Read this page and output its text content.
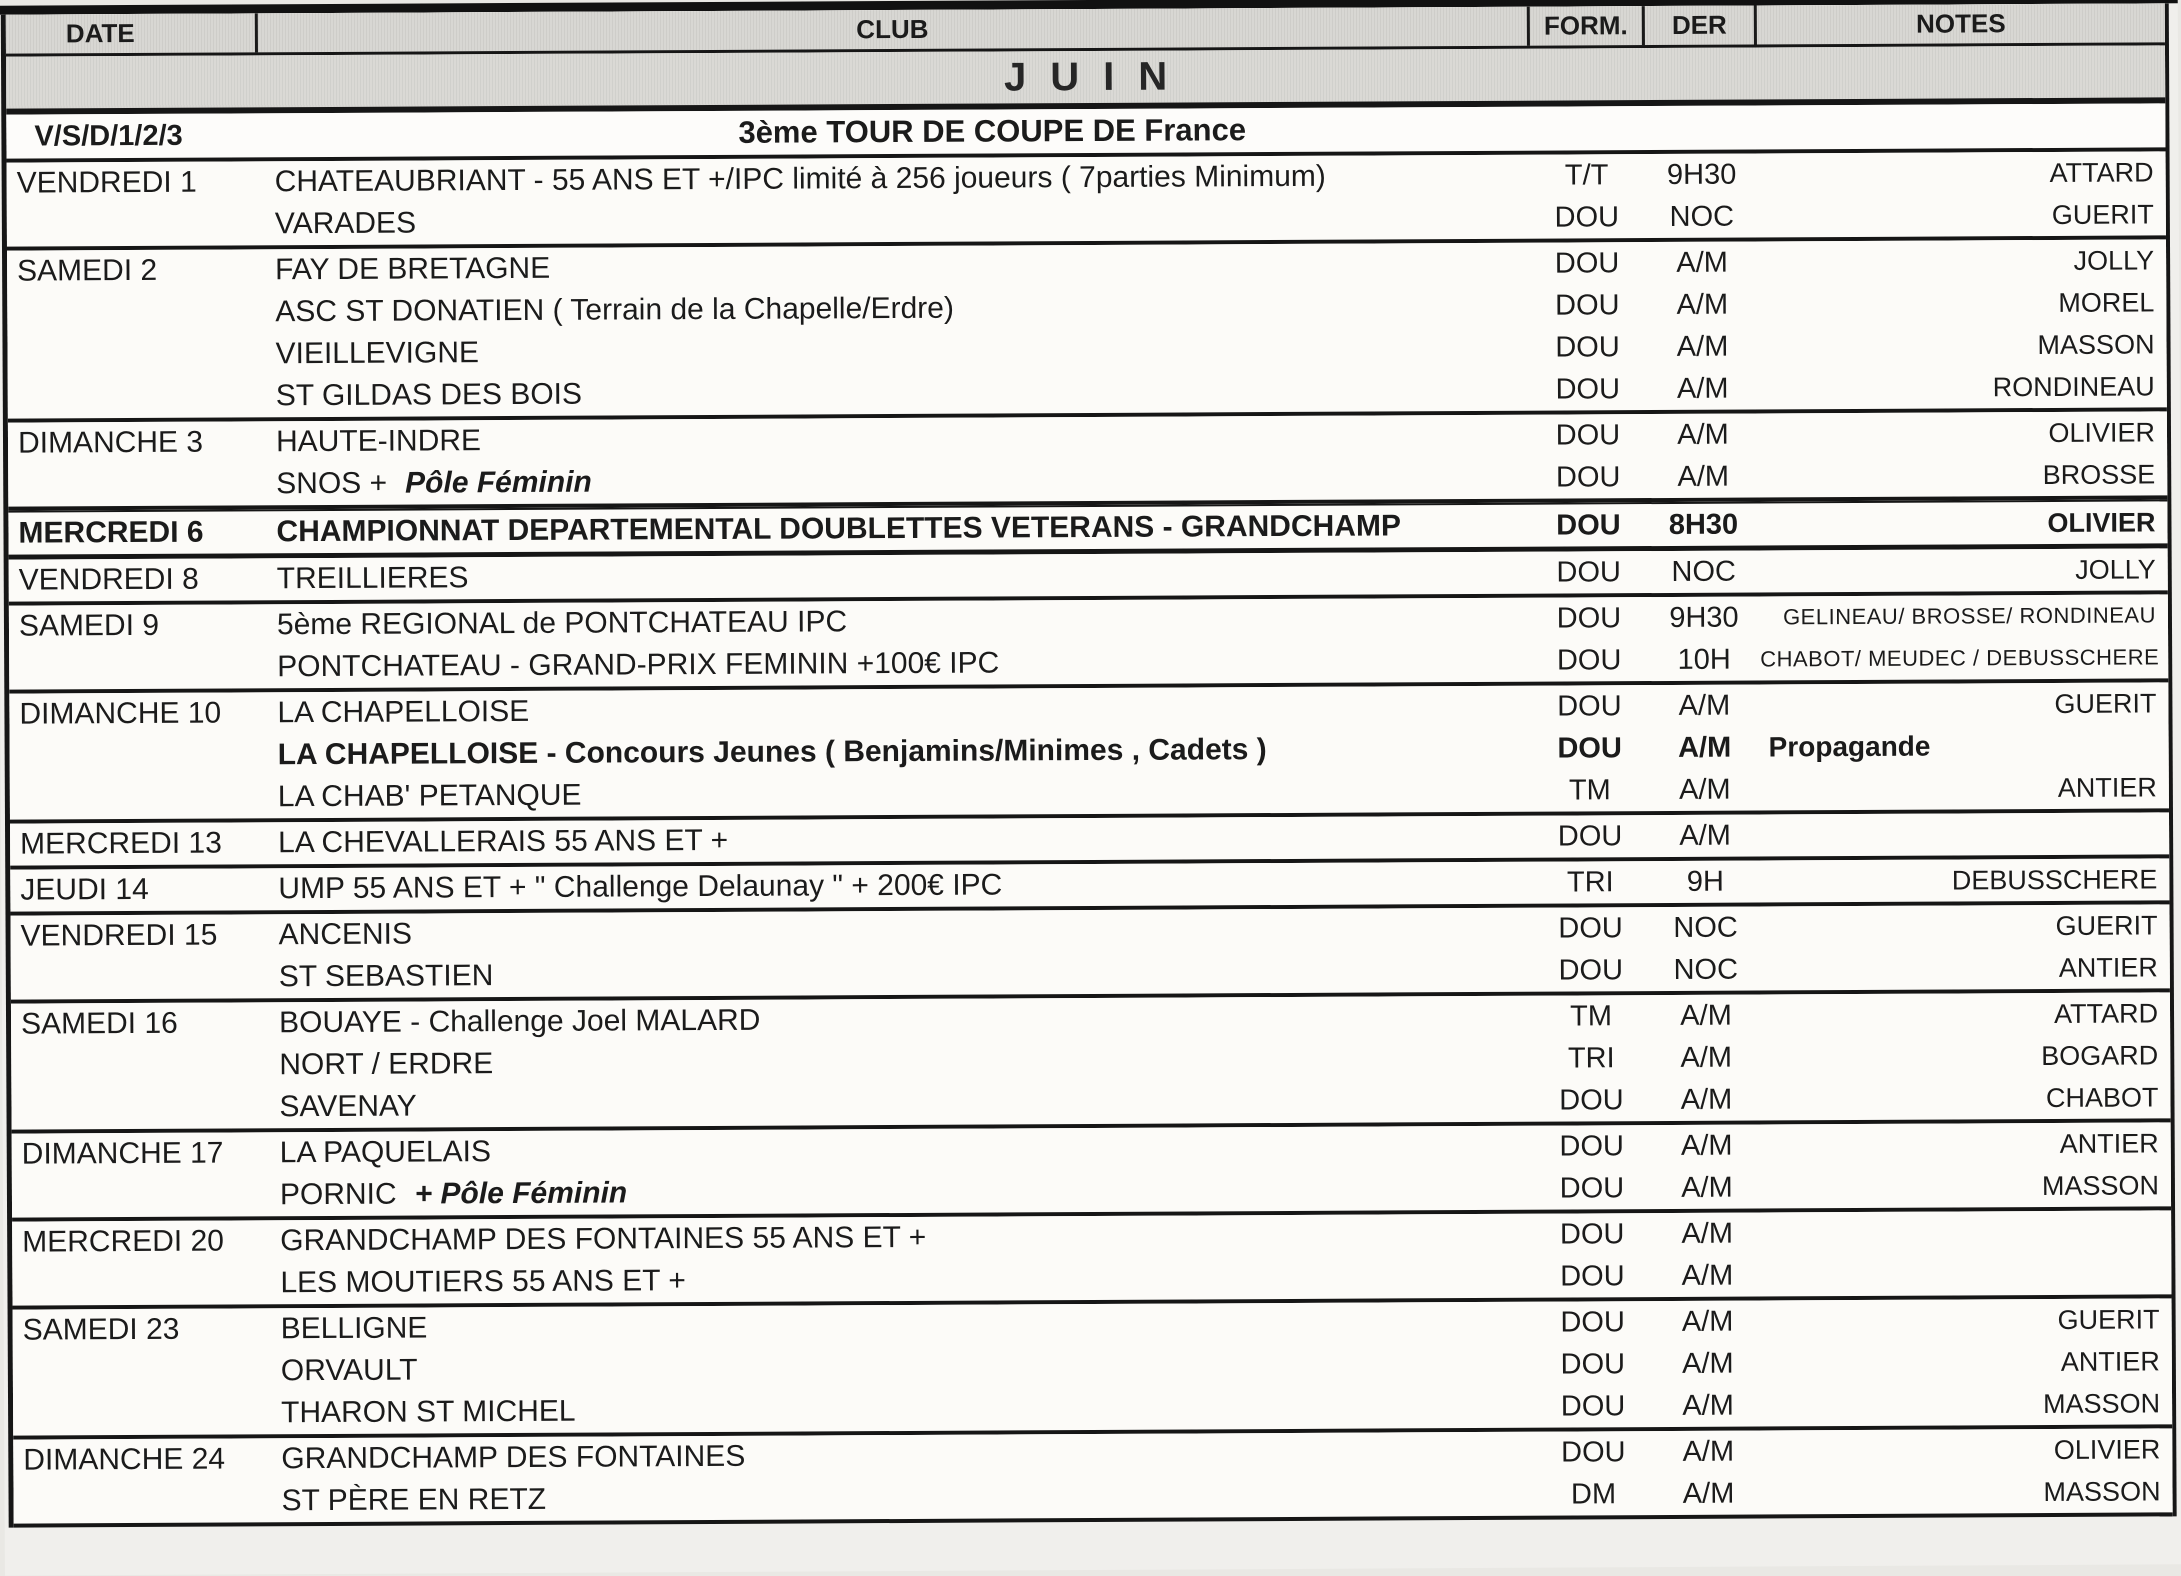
DATE	CLUB	FORM.	DER	NOTES
JUIN
V/S/D/1/2/3	3ème TOUR DE COUPE DE France
VENDREDI 1	CHATEAUBRIANT - 55 ANS ET +/IPC limité à 256 joueurs ( 7parties Minimum)	T/T	9H30	ATTARD
VARADES	DOU	NOC	GUERIT
SAMEDI 2	FAY DE BRETAGNE	DOU	A/M	JOLLY
ASC ST DONATIEN ( Terrain de la Chapelle/Erdre)	DOU	A/M	MOREL
VIEILLEVIGNE	DOU	A/M	MASSON
ST GILDAS DES BOIS	DOU	A/M	RONDINEAU
DIMANCHE 3	HAUTE-INDRE	DOU	A/M	OLIVIER
SNOS + Pôle Féminin	DOU	A/M	BROSSE
MERCREDI 6	CHAMPIONNAT DEPARTEMENTAL DOUBLETTES VETERANS - GRANDCHAMP	DOU	8H30	OLIVIER
VENDREDI 8	TREILLIERES	DOU	NOC	JOLLY
SAMEDI 9	5ème REGIONAL de PONTCHATEAU IPC	DOU	9H30	GELINEAU/ BROSSE/ RONDINEAU
PONTCHATEAU - GRAND-PRIX FEMININ +100€ IPC	DOU	10H	CHABOT/ MEUDEC / DEBUSSCHERE
DIMANCHE 10	LA CHAPELLOISE	DOU	A/M	GUERIT
LA CHAPELLOISE - Concours Jeunes ( Benjamins/Minimes , Cadets )	DOU	A/M	Propagande
LA CHAB' PETANQUE	TM	A/M	ANTIER
MERCREDI 13	LA CHEVALLERAIS 55 ANS ET +	DOU	A/M
JEUDI 14	UMP 55 ANS ET + " Challenge Delaunay " + 200€ IPC	TRI	9H	DEBUSSCHERE
VENDREDI 15	ANCENIS	DOU	NOC	GUERIT
ST SEBASTIEN	DOU	NOC	ANTIER
SAMEDI 16	BOUAYE - Challenge Joel MALARD	TM	A/M	ATTARD
NORT / ERDRE	TRI	A/M	BOGARD
SAVENAY	DOU	A/M	CHABOT
DIMANCHE 17	LA PAQUELAIS	DOU	A/M	ANTIER
PORNIC + Pôle Féminin	DOU	A/M	MASSON
MERCREDI 20	GRANDCHAMP DES FONTAINES 55 ANS ET +	DOU	A/M
LES MOUTIERS 55 ANS ET +	DOU	A/M
SAMEDI 23	BELLIGNE	DOU	A/M	GUERIT
ORVAULT	DOU	A/M	ANTIER
THARON ST MICHEL	DOU	A/M	MASSON
DIMANCHE 24	GRANDCHAMP DES FONTAINES	DOU	A/M	OLIVIER
ST PÈRE EN RETZ	DM	A/M	MASSON
